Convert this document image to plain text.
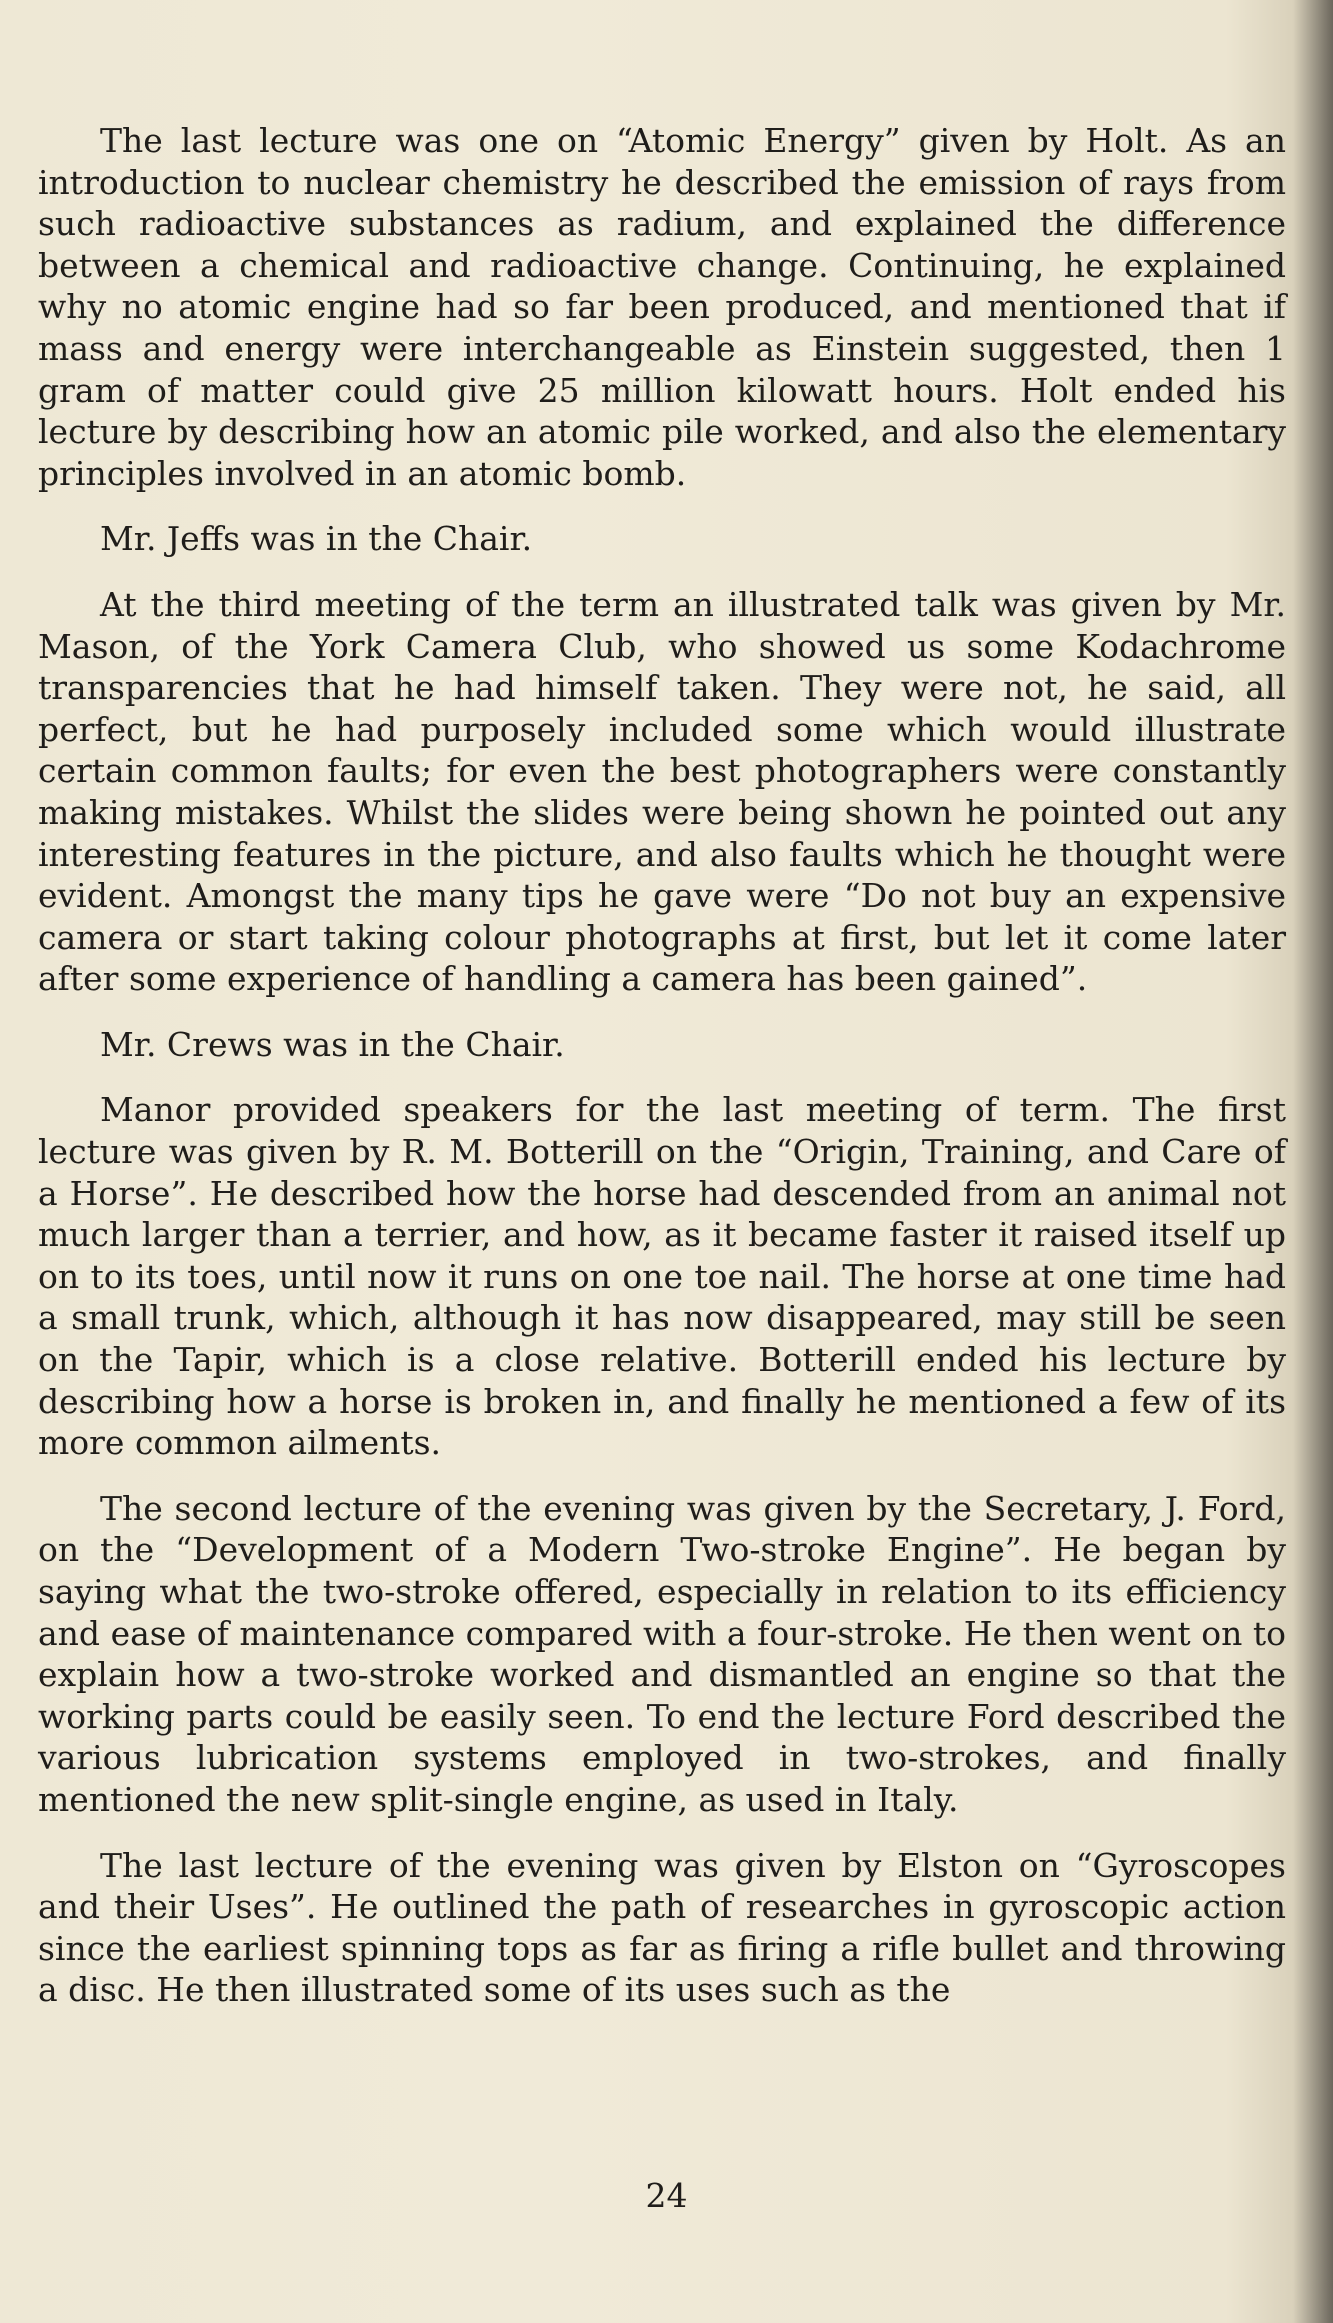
The last lecture was one on “Atomic Energy” given by Holt. As an introduction to nuclear chemistry he described the emission of rays from such radioactive substances as radium, and explained the difference between a chemical and radioactive change. Continuing, he explained why no atomic engine had so far been produced, and mentioned that if mass and energy were interchangeable as Einstein suggested, then 1 gram of matter could give 25 million kilowatt hours. Holt ended his lecture by describing how an atomic pile worked, and also the elementary principles involved in an atomic bomb.

Mr. Jeffs was in the Chair.

At the third meeting of the term an illustrated talk was given by Mr. Mason, of the York Camera Club, who showed us some Kodachrome transparencies that he had himself taken. They were not, he said, all perfect, but he had purposely included some which would illustrate certain common faults; for even the best photographers were constantly making mistakes. Whilst the slides were being shown he pointed out any interesting features in the picture, and also faults which he thought were evident. Amongst the many tips he gave were “Do not buy an expensive camera or start taking colour photographs at first, but let it come later after some experience of handling a camera has been gained”.

Mr. Crews was in the Chair.

Manor provided speakers for the last meeting of term. The first lecture was given by R. M. Botterill on the “Origin, Training, and Care of a Horse”. He described how the horse had descended from an animal not much larger than a terrier, and how, as it became faster it raised itself up on to its toes, until now it runs on one toe nail. The horse at one time had a small trunk, which, although it has now disappeared, may still be seen on the Tapir, which is a close relative. Botterill ended his lecture by describing how a horse is broken in, and finally he mentioned a few of its more common ailments.

The second lecture of the evening was given by the Secretary, J. Ford, on the “Development of a Modern Two-stroke Engine”. He began by saying what the two-stroke offered, especially in relation to its efficiency and ease of maintenance compared with a four-stroke. He then went on to explain how a two-stroke worked and dismantled an engine so that the working parts could be easily seen. To end the lecture Ford described the various lubrication systems employed in two-strokes, and finally mentioned the new split-single engine, as used in Italy.

The last lecture of the evening was given by Elston on “Gyroscopes and their Uses”. He outlined the path of researches in gyroscopic action since the earliest spinning tops as far as firing a rifle bullet and throwing a disc. He then illustrated some of its uses such as the

24
